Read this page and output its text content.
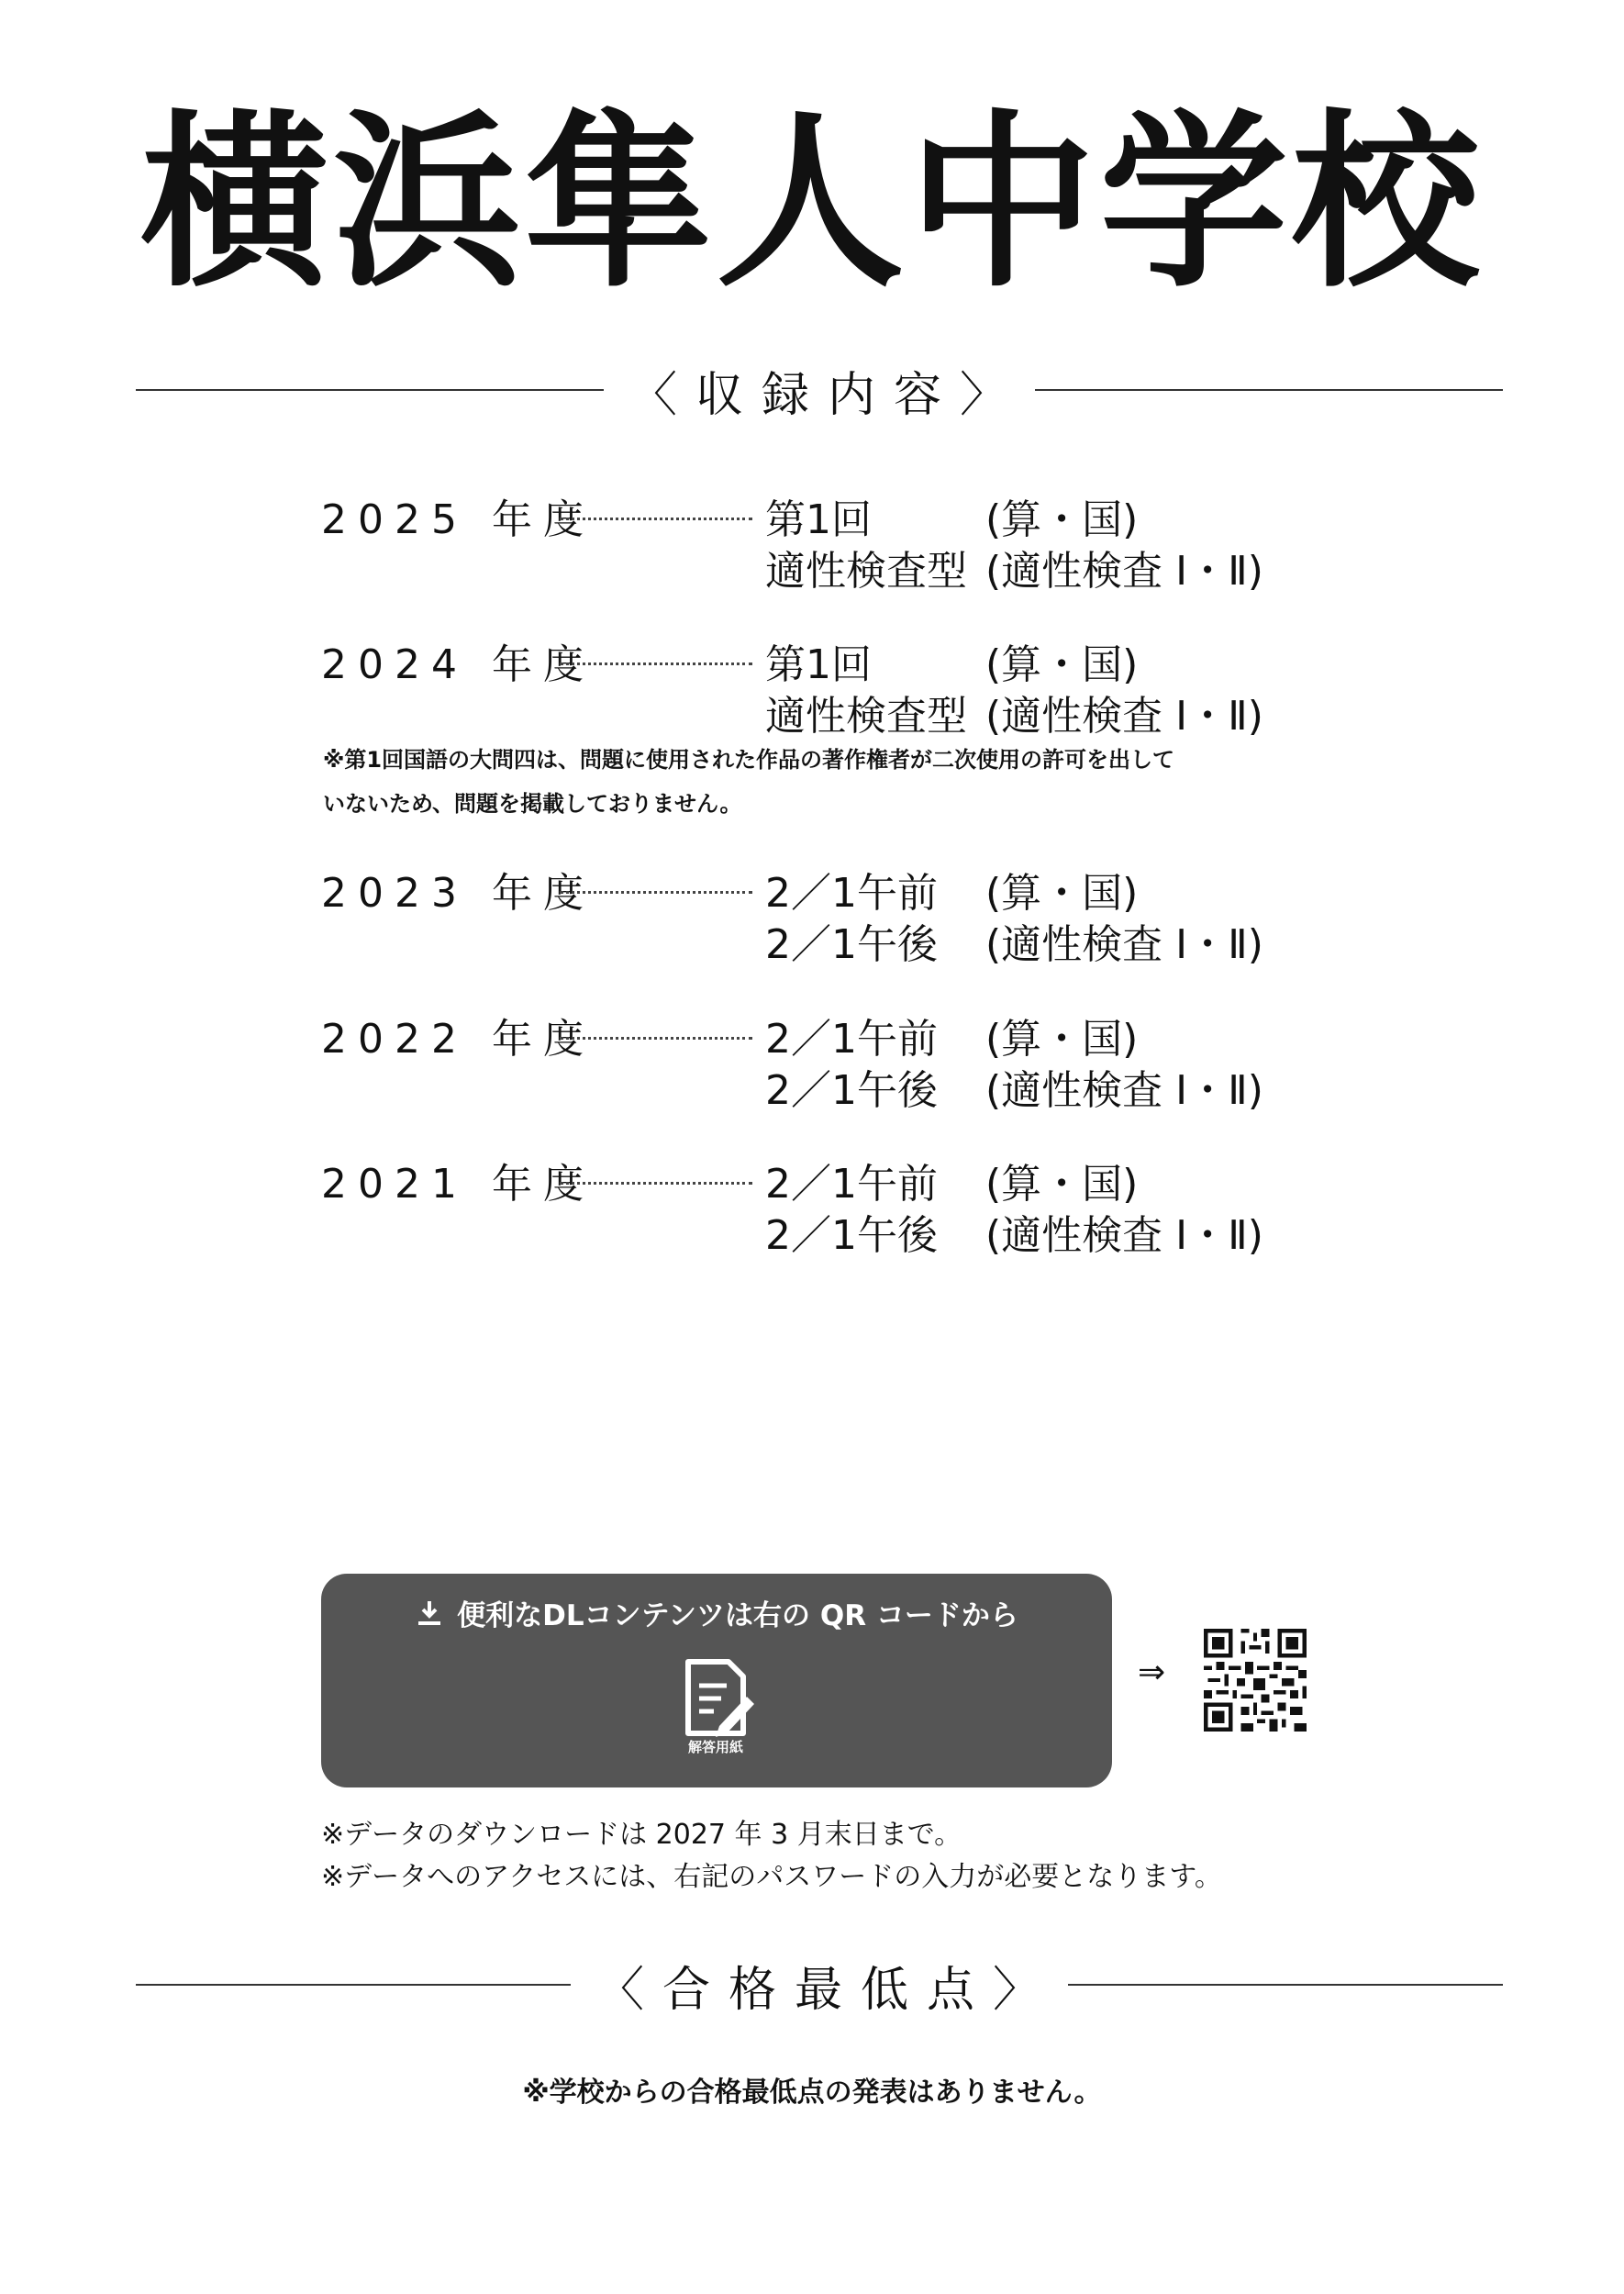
横浜隼人中学校
〈収録内容〉
2025 年度	第1回	(算・国)
適性検査型 (適性検査 Ⅰ・Ⅱ)
2024 年度	第1回	(算・国)
適性検査型 (適性検査 Ⅰ・Ⅱ)
※第1回国語の大問四は、問題に使用された作品の著作権者が二次使用の許可を出して
いないため、問題を掲載しておりません。
2023 年度	2／1午前	(算・国)
2／1午後	(適性検査 Ⅰ・Ⅱ)
2022 年度	2／1午前	(算・国)
2／1午後	(適性検査 Ⅰ・Ⅱ)
2021 年度	2／1午前	(算・国)
2／1午後	(適性検査 Ⅰ・Ⅱ)
便利なDLコンテンツは右の QR コードから
解答用紙
⇒
※データのダウンロードは 2027 年 3 月末日まで。
※データへのアクセスには、右記のパスワードの入力が必要となります。
〈合格最低点〉
※学校からの合格最低点の発表はありません。
